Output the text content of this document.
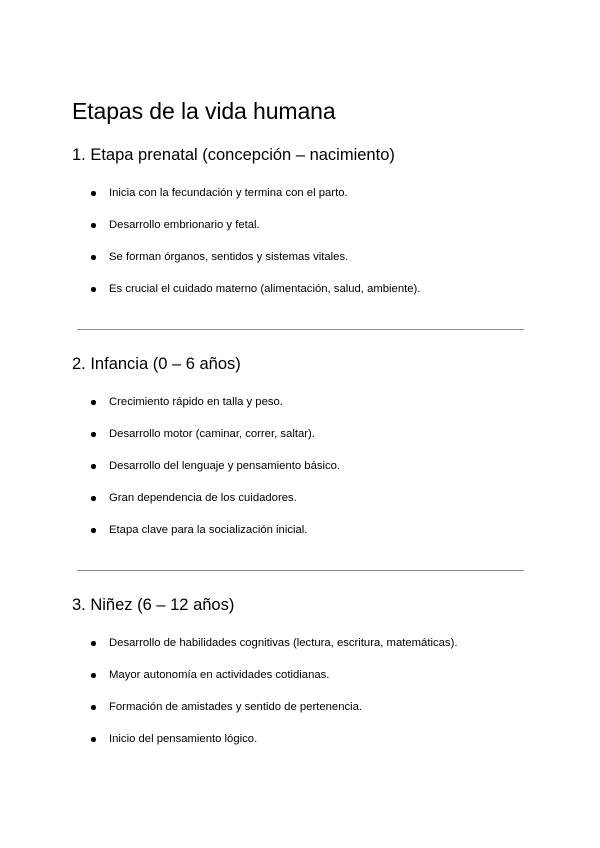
Etapas de la vida humana
1. Etapa prenatal (concepción – nacimiento)
Inicia con la fecundación y termina con el parto.
Desarrollo embrionario y fetal.
Se forman órganos, sentidos y sistemas vitales.
Es crucial el cuidado materno (alimentación, salud, ambiente).
2. Infancia (0 – 6 años)
Crecimiento rápido en talla y peso.
Desarrollo motor (caminar, correr, saltar).
Desarrollo del lenguaje y pensamiento básico.
Gran dependencia de los cuidadores.
Etapa clave para la socialización inicial.
3. Niñez (6 – 12 años)
Desarrollo de habilidades cognitivas (lectura, escritura, matemáticas).
Mayor autonomía en actividades cotidianas.
Formación de amistades y sentido de pertenencia.
Inicio del pensamiento lógico.
